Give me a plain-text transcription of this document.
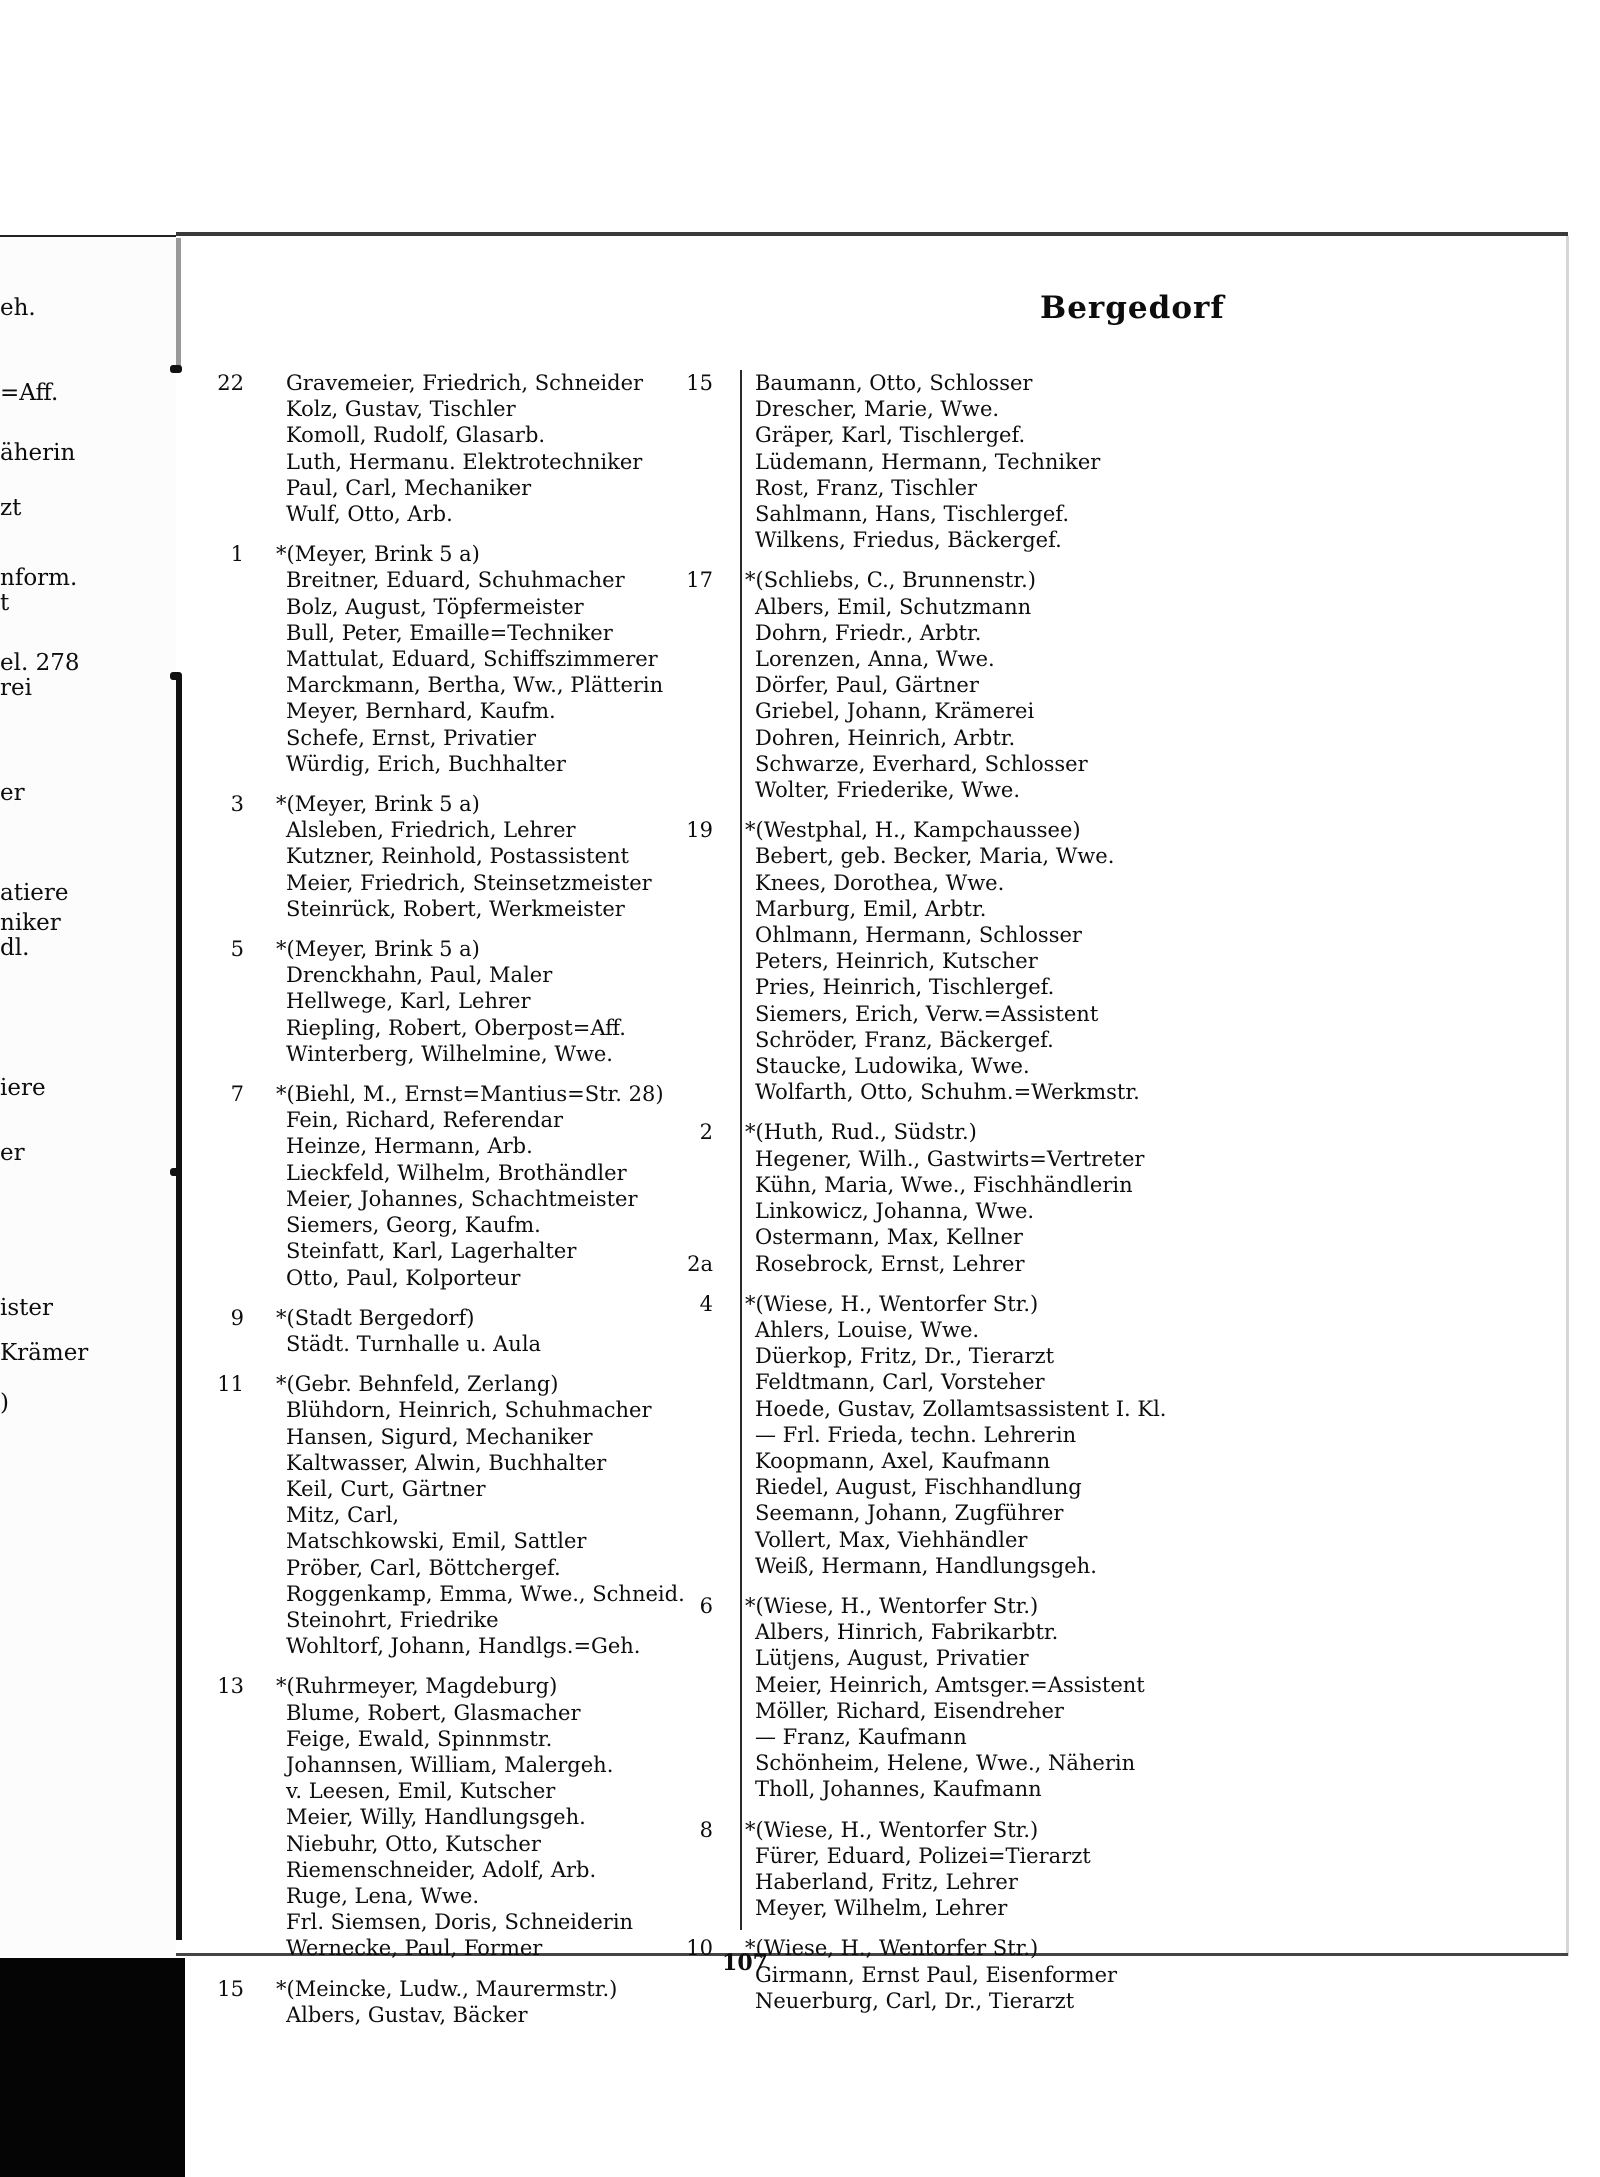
eh.
=Aff.
äherin
zt
nform.
t
el. 278
rei
er
atiere
niker
dl.
iere
er
ister
Krämer
)
Bergedorf
22 Gravemeier, Friedrich, Schneider
Kolz, Gustav, Tischler
Komoll, Rudolf, Glasarb.
Luth, Hermanu. Elektrotechniker
Paul, Carl, Mechaniker
Wulf, Otto, Arb.
1 *(Meyer, Brink 5 a)
Breitner, Eduard, Schuhmacher
Bolz, August, Töpfermeister
Bull, Peter, Emaille=Techniker
Mattulat, Eduard, Schiffszimmerer
Marckmann, Bertha, Ww., Plätterin
Meyer, Bernhard, Kaufm.
Schefe, Ernst, Privatier
Würdig, Erich, Buchhalter
3 *(Meyer, Brink 5 a)
Alsleben, Friedrich, Lehrer
Kutzner, Reinhold, Postassistent
Meier, Friedrich, Steinsetzmeister
Steinrück, Robert, Werkmeister
5 *(Meyer, Brink 5 a)
Drenckhahn, Paul, Maler
Hellwege, Karl, Lehrer
Riepling, Robert, Oberpost=Aff.
Winterberg, Wilhelmine, Wwe.
7 *(Biehl, M., Ernst=Mantius=Str. 28)
Fein, Richard, Referendar
Heinze, Hermann, Arb.
Lieckfeld, Wilhelm, Brothändler
Meier, Johannes, Schachtmeister
Siemers, Georg, Kaufm.
Steinfatt, Karl, Lagerhalter
Otto, Paul, Kolporteur
9 *(Stadt Bergedorf)
Städt. Turnhalle u. Aula
11 *(Gebr. Behnfeld, Zerlang)
Blühdorn, Heinrich, Schuhmacher
Hansen, Sigurd, Mechaniker
Kaltwasser, Alwin, Buchhalter
Keil, Curt, Gärtner
Mitz, Carl,
Matschkowski, Emil, Sattler
Pröber, Carl, Böttchergef.
Roggenkamp, Emma, Wwe., Schneid.
Steinohrt, Friedrike
Wohltorf, Johann, Handlgs.=Geh.
13 *(Ruhrmeyer, Magdeburg)
Blume, Robert, Glasmacher
Feige, Ewald, Spinnmstr.
Johannsen, William, Malergeh.
v. Leesen, Emil, Kutscher
Meier, Willy, Handlungsgeh.
Niebuhr, Otto, Kutscher
Riemenschneider, Adolf, Arb.
Ruge, Lena, Wwe.
Frl. Siemsen, Doris, Schneiderin
Wernecke, Paul, Former
15 *(Meincke, Ludw., Maurermstr.)
Albers, Gustav, Bäcker
15 Baumann, Otto, Schlosser
Drescher, Marie, Wwe.
Gräper, Karl, Tischlergef.
Lüdemann, Hermann, Techniker
Rost, Franz, Tischler
Sahlmann, Hans, Tischlergef.
Wilkens, Friedus, Bäckergef.
17 *(Schliebs, C., Brunnenstr.)
Albers, Emil, Schutzmann
Dohrn, Friedr., Arbtr.
Lorenzen, Anna, Wwe.
Dörfer, Paul, Gärtner
Griebel, Johann, Krämerei
Dohren, Heinrich, Arbtr.
Schwarze, Everhard, Schlosser
Wolter, Friederike, Wwe.
19 *(Westphal, H., Kampchaussee)
Bebert, geb. Becker, Maria, Wwe.
Knees, Dorothea, Wwe.
Marburg, Emil, Arbtr.
Ohlmann, Hermann, Schlosser
Peters, Heinrich, Kutscher
Pries, Heinrich, Tischlergef.
Siemers, Erich, Verw.=Assistent
Schröder, Franz, Bäckergef.
Staucke, Ludowika, Wwe.
Wolfarth, Otto, Schuhm.=Werkmstr.
2 *(Huth, Rud., Südstr.)
Hegener, Wilh., Gastwirts=Vertreter
Kühn, Maria, Wwe., Fischhändlerin
Linkowicz, Johanna, Wwe.
Ostermann, Max, Kellner
2a Rosebrock, Ernst, Lehrer
4 *(Wiese, H., Wentorfer Str.)
Ahlers, Louise, Wwe.
Düerkop, Fritz, Dr., Tierarzt
Feldtmann, Carl, Vorsteher
Hoede, Gustav, Zollamtsassistent I. Kl.
— Frl. Frieda, techn. Lehrerin
Koopmann, Axel, Kaufmann
Riedel, August, Fischhandlung
Seemann, Johann, Zugführer
Vollert, Max, Viehhändler
Weiß, Hermann, Handlungsgeh.
6 *(Wiese, H., Wentorfer Str.)
Albers, Hinrich, Fabrikarbtr.
Lütjens, August, Privatier
Meier, Heinrich, Amtsger.=Assistent
Möller, Richard, Eisendreher
— Franz, Kaufmann
Schönheim, Helene, Wwe., Näherin
Tholl, Johannes, Kaufmann
8 *(Wiese, H., Wentorfer Str.)
Fürer, Eduard, Polizei=Tierarzt
Haberland, Fritz, Lehrer
Meyer, Wilhelm, Lehrer
10 *(Wiese, H., Wentorfer Str.)
Girmann, Ernst Paul, Eisenformer
Neuerburg, Carl, Dr., Tierarzt
107
